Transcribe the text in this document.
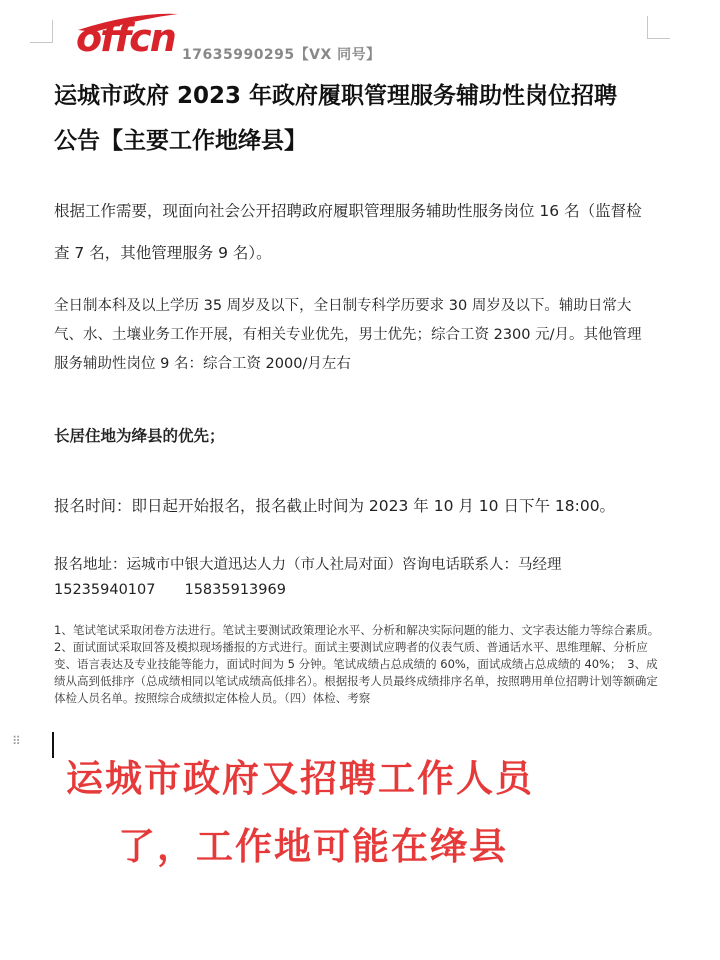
offcn 17635990295【VX 同号】
运城市政府 2023 年政府履职管理服务辅助性岗位招聘
公告【主要工作地绛县】
根据工作需要，现面向社会公开招聘政府履职管理服务辅助性服务岗位 16 名（监督检查 7 名，其他管理服务 9 名）。
全日制本科及以上学历 35 周岁及以下，全日制专科学历要求 30 周岁及以下。辅助日常大气、水、土壤业务工作开展，有相关专业优先，男士优先；综合工资 2300 元/月。其他管理服务辅助性岗位 9 名：综合工资 2000/月左右
长居住地为绛县的优先；
报名时间：即日起开始报名，报名截止时间为 2023 年 10 月 10 日下午 18:00。
报名地址：运城市中银大道迅达人力（市人社局对面）咨询电话联系人：马经理
15235940107　　15835913969
1、笔试笔试采取闭卷方法进行。笔试主要测试政策理论水平、分析和解决实际问题的能力、文字表达能力等综合素质。2、面试面试采取回答及模拟现场播报的方式进行。面试主要测试应聘者的仪表气质、普通话水平、思维理解、分析应变、语言表达及专业技能等能力，面试时间为 5 分钟。笔试成绩占总成绩的 60%，面试成绩占总成绩的 40%；　3、成绩从高到低排序（总成绩相同以笔试成绩高低排名）。根据报考人员最终成绩排序名单，按照聘用单位招聘计划等额确定体检人员名单。按照综合成绩拟定体检人员。（四）体检、考察
⠿
运城市政府又招聘工作人员
了，工作地可能在绛县
